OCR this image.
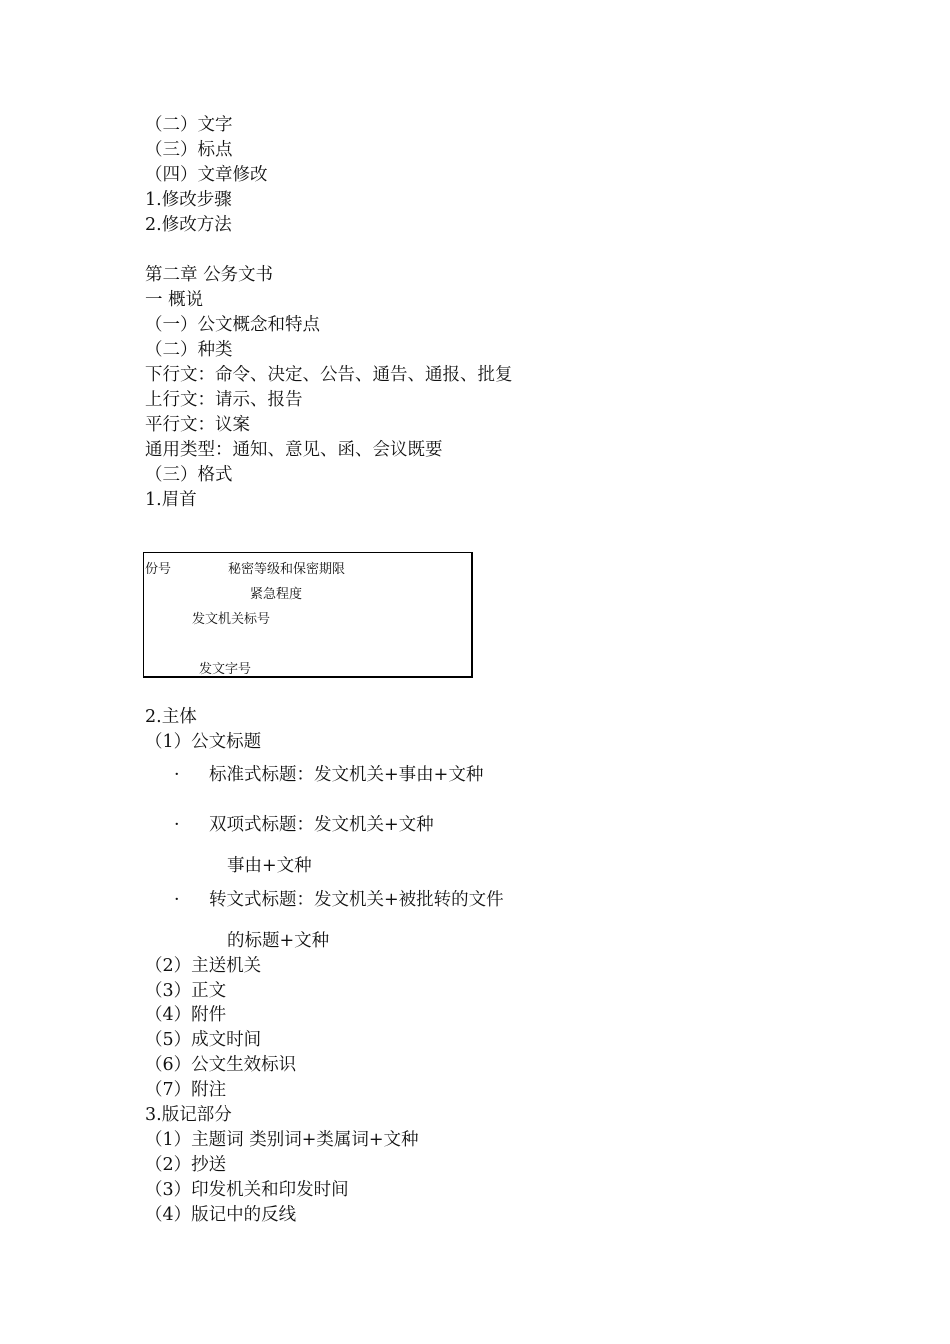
（二）文字
（三）标点
（四）文章修改
1.修改步骤
2.修改方法
第二章 公务文书
一 概说
（一）公文概念和特点
（二）种类
下行文：命令、决定、公告、通告、通报、批复
上行文：请示、报告
平行文：议案
通用类型：通知、意见、函、会议既要
（三）格式
1.眉首
份号	秘密等级和保密期限
紧急程度
发文机关标号
发文字号
2.主体
（1）公文标题
· 标准式标题：发文机关+事由+文种
· 双项式标题：发文机关+文种
事由+文种
· 转文式标题：发文机关+被批转的文件
的标题+文种
（2）主送机关
（3）正文
（4）附件
（5）成文时间
（6）公文生效标识
（7）附注
3.版记部分
（1）主题词 类别词+类属词+文种
（2）抄送
（3）印发机关和印发时间
（4）版记中的反线
